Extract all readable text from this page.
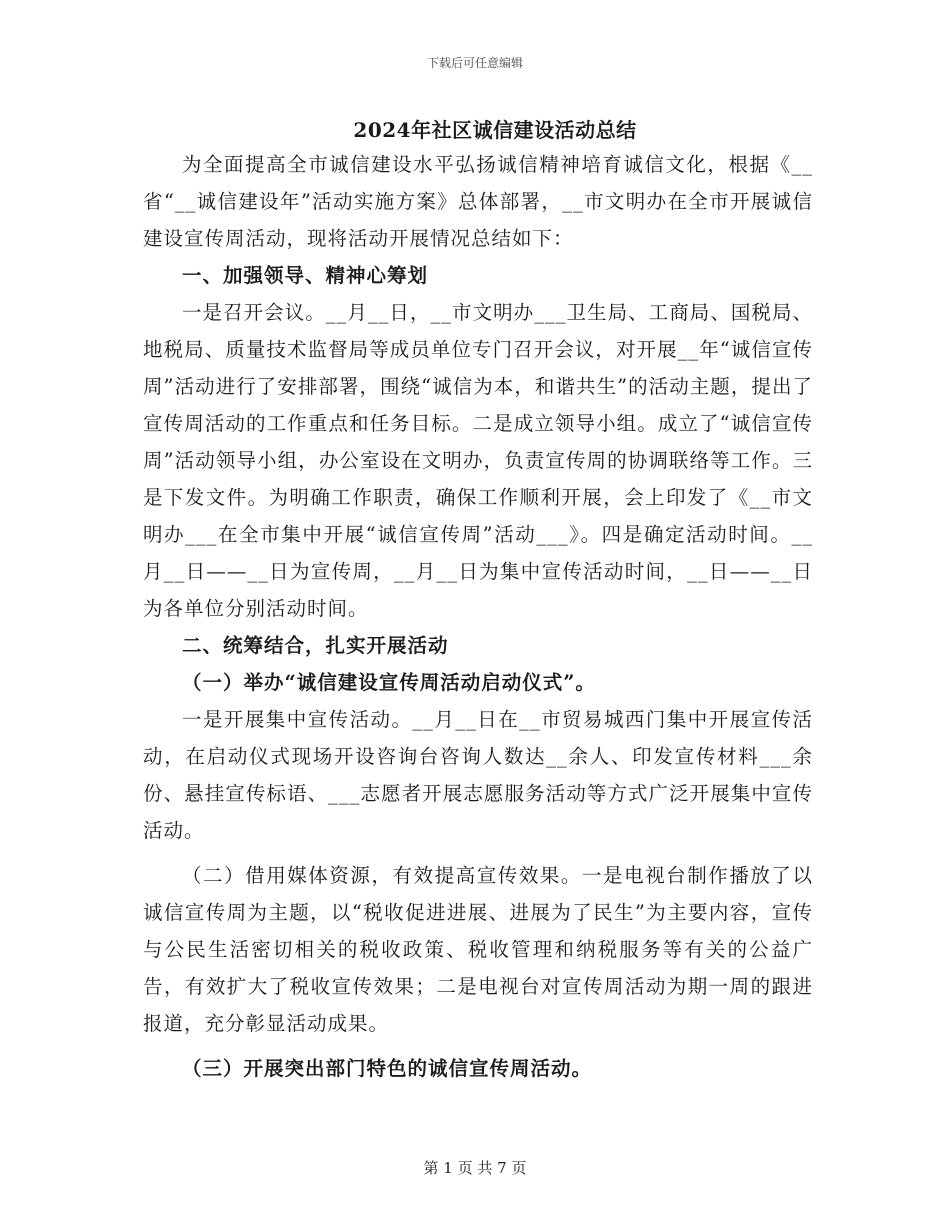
下载后可任意编辑
2024年社区诚信建设活动总结

为全面提高全市诚信建设水平弘扬诚信精神培育诚信文化，根据《__省“__诚信建设年”活动实施方案》总体部署，__市文明办在全市开展诚信建设宣传周活动，现将活动开展情况总结如下：

一、加强领导、精神心筹划

一是召开会议。__月__日，__市文明办___卫生局、工商局、国税局、地税局、质量技术监督局等成员单位专门召开会议，对开展__年“诚信宣传周”活动进行了安排部署，围绕“诚信为本，和谐共生”的活动主题，提出了宣传周活动的工作重点和任务目标。二是成立领导小组。成立了“诚信宣传周”活动领导小组，办公室设在文明办，负责宣传周的协调联络等工作。三是下发文件。为明确工作职责，确保工作顺利开展，会上印发了《__市文明办___在全市集中开展“诚信宣传周”活动___》。四是确定活动时间。__月__日——__日为宣传周，__月__日为集中宣传活动时间，__日——__日为各单位分别活动时间。

二、统筹结合，扎实开展活动

（一）举办“诚信建设宣传周活动启动仪式”。

一是开展集中宣传活动。__月__日在__市贸易城西门集中开展宣传活动，在启动仪式现场开设咨询台咨询人数达__余人、印发宣传材料___余份、悬挂宣传标语、___志愿者开展志愿服务活动等方式广泛开展集中宣传活动。

（二）借用媒体资源，有效提高宣传效果。一是电视台制作播放了以诚信宣传周为主题，以“税收促进进展、进展为了民生”为主要内容，宣传与公民生活密切相关的税收政策、税收管理和纳税服务等有关的公益广告，有效扩大了税收宣传效果；二是电视台对宣传周活动为期一周的跟进报道，充分彰显活动成果。

（三）开展突出部门特色的诚信宣传周活动。

第 1 页 共 7 页
